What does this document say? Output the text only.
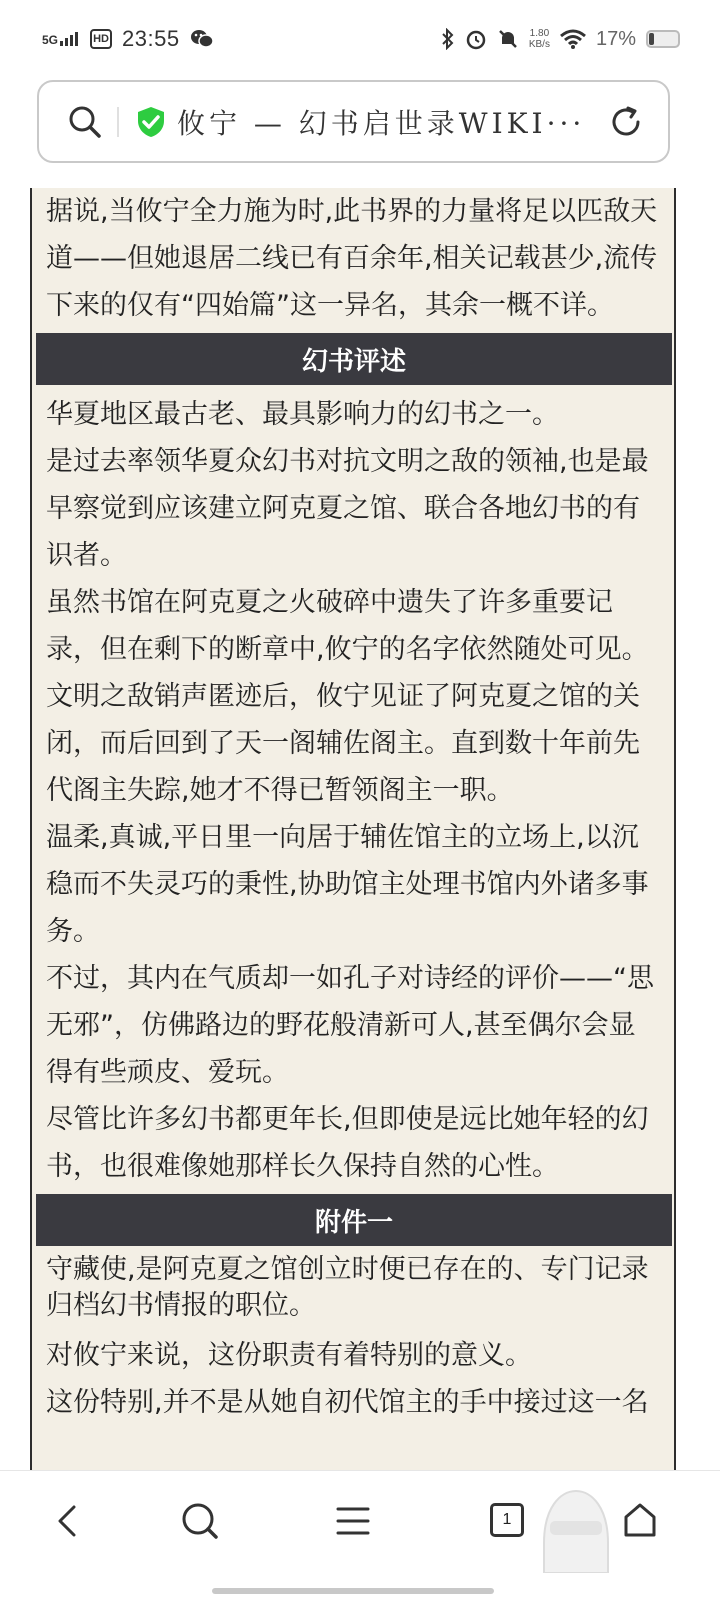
5G	HD 23:55	1.80
KB/s 17%
攸宁 — 幻书启世录WIKI···

据说,当攸宁全力施为时,此书界的力量将足以匹敌天道——但她退居二线已有百余年,相关记载甚少,流传下来的仅有“四始篇”这一异名，其余一概不详。

幻书评述

华夏地区最古老、最具影响力的幻书之一。

是过去率领华夏众幻书对抗文明之敌的领袖,也是最早察觉到应该建立阿克夏之馆、联合各地幻书的有识者。

虽然书馆在阿克夏之火破碎中遗失了许多重要记录，但在剩下的断章中,攸宁的名字依然随处可见。

文明之敌销声匿迹后，攸宁见证了阿克夏之馆的关闭，而后回到了天一阁辅佐阁主。直到数十年前先代阁主失踪,她才不得已暂领阁主一职。

温柔,真诚,平日里一向居于辅佐馆主的立场上,以沉稳而不失灵巧的秉性,协助馆主处理书馆内外诸多事务。

不过，其内在气质却一如孔子对诗经的评价——“思无邪”，仿佛路边的野花般清新可人,甚至偶尔会显得有些顽皮、爱玩。

尽管比许多幻书都更年长,但即使是远比她年轻的幻书，也很难像她那样长久保持自然的心性。

附件一

守藏使,是阿克夏之馆创立时便已存在的、专门记录归档幻书情报的职位。

对攸宁来说，这份职责有着特别的意义。

这份特别,并不是从她自初代馆主的手中接过这一名

1
